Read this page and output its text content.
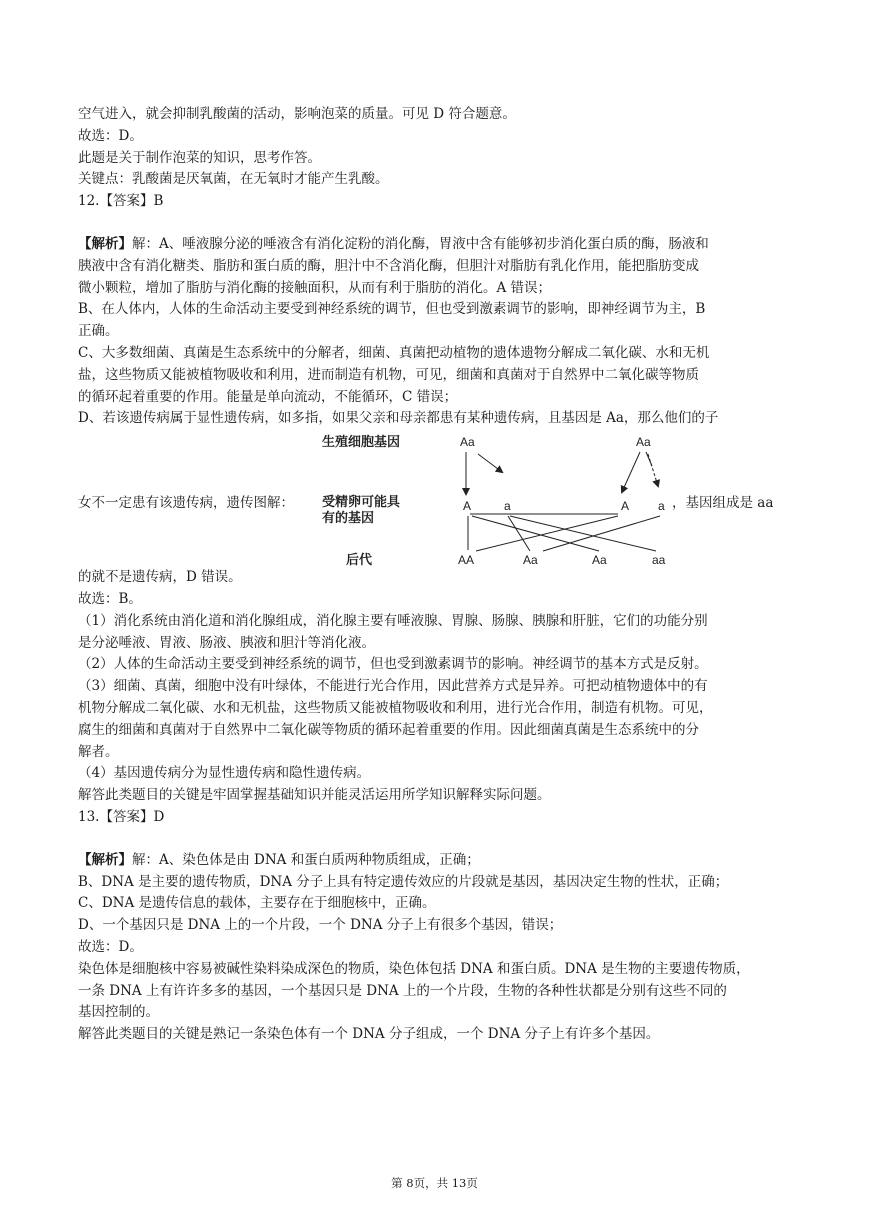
空气进入，就会抑制乳酸菌的活动，影响泡菜的质量。可见 D 符合题意。
故选：D。
此题是关于制作泡菜的知识，思考作答。
关键点：乳酸菌是厌氧菌，在无氧时才能产生乳酸。
12.【答案】B
【解析】解：A、唾液腺分泌的唾液含有消化淀粉的消化酶，胃液中含有能够初步消化蛋白质的酶，肠液和
胰液中含有消化糖类、脂肪和蛋白质的酶，胆汁中不含消化酶，但胆汁对脂肪有乳化作用，能把脂肪变成
微小颗粒，增加了脂肪与消化酶的接触面积，从而有利于脂肪的消化。A 错误；
B、在人体内，人体的生命活动主要受到神经系统的调节，但也受到激素调节的影响，即神经调节为主，B
正确。
C、大多数细菌、真菌是生态系统中的分解者，细菌、真菌把动植物的遗体遗物分解成二氧化碳、水和无机
盐，这些物质又能被植物吸收和利用，进而制造有机物，可见，细菌和真菌对于自然界中二氧化碳等物质
的循环起着重要的作用。能量是单向流动，不能循环，C 错误；
D、若该遗传病属于显性遗传病，如多指，如果父亲和母亲都患有某种遗传病，且基因是 Aa，那么他们的子
女不一定患有该遗传病，遗传图解：
生殖细胞基因
受精卵可能具
有的基因
后代
Aa	Aa
A	a	A a
AA	Aa	Aa	aa
，基因组成是 aa
的就不是遗传病，D 错误。
故选：B。
（1）消化系统由消化道和消化腺组成，消化腺主要有唾液腺、胃腺、肠腺、胰腺和肝脏，它们的功能分别
是分泌唾液、胃液、肠液、胰液和胆汁等消化液。
（2）人体的生命活动主要受到神经系统的调节，但也受到激素调节的影响。神经调节的基本方式是反射。
（3）细菌、真菌，细胞中没有叶绿体，不能进行光合作用，因此营养方式是异养。可把动植物遗体中的有
机物分解成二氧化碳、水和无机盐，这些物质又能被植物吸收和利用，进行光合作用，制造有机物。可见，
腐生的细菌和真菌对于自然界中二氧化碳等物质的循环起着重要的作用。因此细菌真菌是生态系统中的分
解者。
（4）基因遗传病分为显性遗传病和隐性遗传病。
解答此类题目的关键是牢固掌握基础知识并能灵活运用所学知识解释实际问题。
13.【答案】D
【解析】解：A、染色体是由 DNA 和蛋白质两种物质组成，正确；
B、DNA 是主要的遗传物质，DNA 分子上具有特定遗传效应的片段就是基因，基因决定生物的性状，正确；
C、DNA 是遗传信息的载体，主要存在于细胞核中，正确。
D、一个基因只是 DNA 上的一个片段，一个 DNA 分子上有很多个基因，错误；
故选：D。
染色体是细胞核中容易被碱性染料染成深色的物质，染色体包括 DNA 和蛋白质。DNA 是生物的主要遗传物质，
一条 DNA 上有许许多多的基因，一个基因只是 DNA 上的一个片段，生物的各种性状都是分别有这些不同的
基因控制的。
解答此类题目的关键是熟记一条染色体有一个 DNA 分子组成，一个 DNA 分子上有许多个基因。
第 8页，共 13页
